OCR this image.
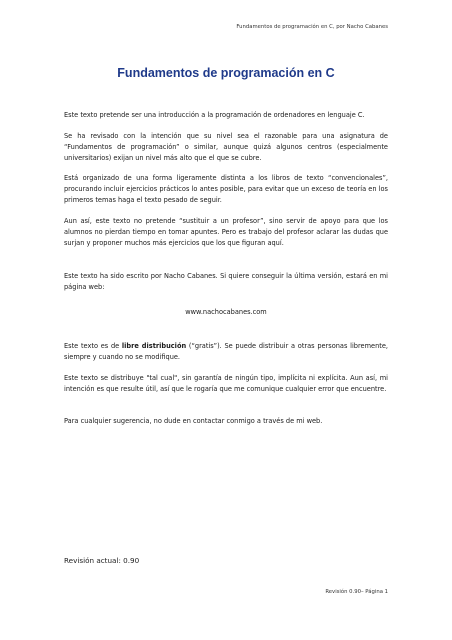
Fundamentos de programación en C, por Nacho Cabanes
Fundamentos de programación en C

Este texto pretende ser una introducción a la programación de ordenadores en lenguaje C.

Se ha revisado con la intención que su nivel sea el razonable para una asignatura de “Fundamentos de programación” o similar, aunque quizá algunos centros (especialmente universitarios) exijan un nivel más alto que el que se cubre.

Está organizado de una forma ligeramente distinta a los libros de texto “convencionales”, procurando incluir ejercicios prácticos lo antes posible, para evitar que un exceso de teoría en los primeros temas haga el texto pesado de seguir.

Aun así, este texto no pretende “sustituir a un profesor”, sino servir de apoyo para que los alumnos no pierdan tiempo en tomar apuntes. Pero es trabajo del profesor aclarar las dudas que surjan y proponer muchos más ejercicios que los que figuran aquí.

Este texto ha sido escrito por Nacho Cabanes. Si quiere conseguir la última versión, estará en mi página web:

www.nachocabanes.com

Este texto es de libre distribución (“gratis”). Se puede distribuir a otras personas libremente, siempre y cuando no se modifique.

Este texto se distribuye "tal cual", sin garantía de ningún tipo, implícita ni explícita. Aun así, mi intención es que resulte útil, así que le rogaría que me comunique cualquier error que encuentre.

Para cualquier sugerencia, no dude en contactar conmigo a través de mi web.

Revisión actual: 0.90
Revisión 0.90– Página 1
